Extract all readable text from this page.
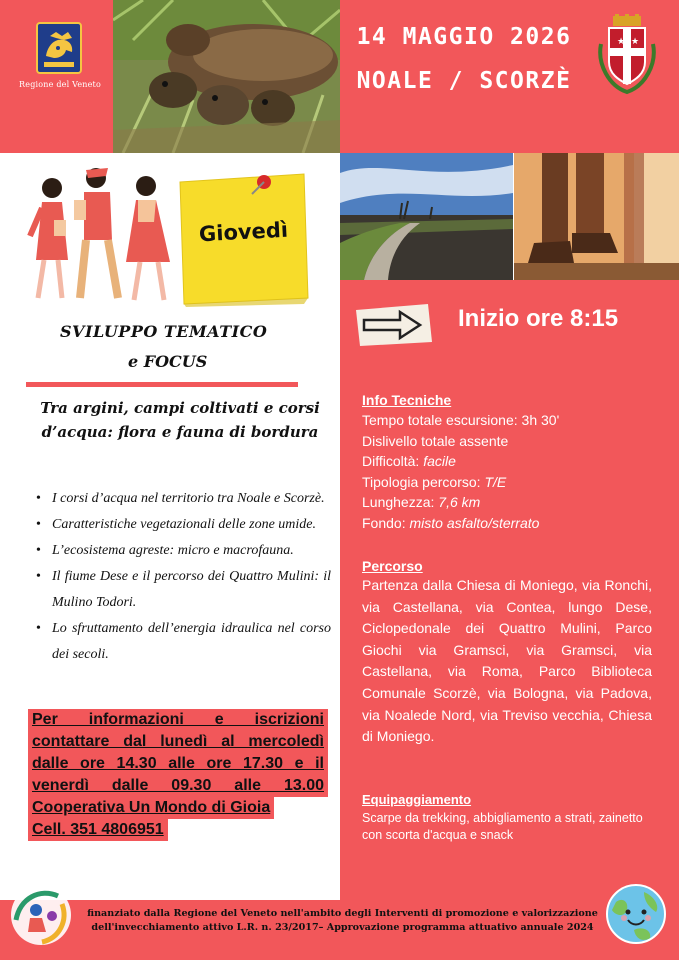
Regione del Veneto
14 MAGGIO 2026
NOALE / SCORZÈ
★ ★
Giovedì
Inizio ore 8:15
Info Tecniche
Tempo totale escursione: 3h 30'
Dislivello totale assente
Difficoltà: facile
Tipologia percorso: T/E
Lunghezza: 7,6 km
Fondo: misto asfalto/sterrato
Percorso
Partenza dalla Chiesa di Moniego, via Ronchi, via Castellana, via Contea, lungo Dese, Ciclopedonale dei Quattro Mulini, Parco Giochi via Gramsci, via Gramsci, via Castellana, via Roma, Parco Biblioteca Comunale Scorzè, via Bologna, via Padova, via Noalede Nord, via Treviso vecchia, Chiesa di Moniego.
Equipaggiamento
Scarpe da trekking, abbigliamento a strati, zainetto con scorta d'acqua e snack
SVILUPPO TEMATICO
e FOCUS
Tra argini, campi coltivati e corsi d’acqua: flora e fauna di bordura
• I corsi d’acqua nel territorio tra Noale e Scorzè.
• Caratteristiche vegetazionali delle zone umide.
• L’ecosistema agreste: micro e macrofauna.
• Il fiume Dese e il percorso dei Quattro Mulini: il Mulino Todori.
• Lo sfruttamento dell’energia idraulica nel corso dei secoli.
Per informazioni e iscrizioni
contattare dal lunedì al mercoledì
dalle ore 14.30 alle ore 17.30 e il
venerdì dalle 09.30 alle 13.00
Cooperativa Un Mondo di Gioia
Cell. 351 4806951
finanziato dalla Regione del Veneto nell'ambito degli Interventi di promozione e valorizzazione
dell'invecchiamento attivo L.R. n. 23/2017– Approvazione programma attuativo annuale 2024
